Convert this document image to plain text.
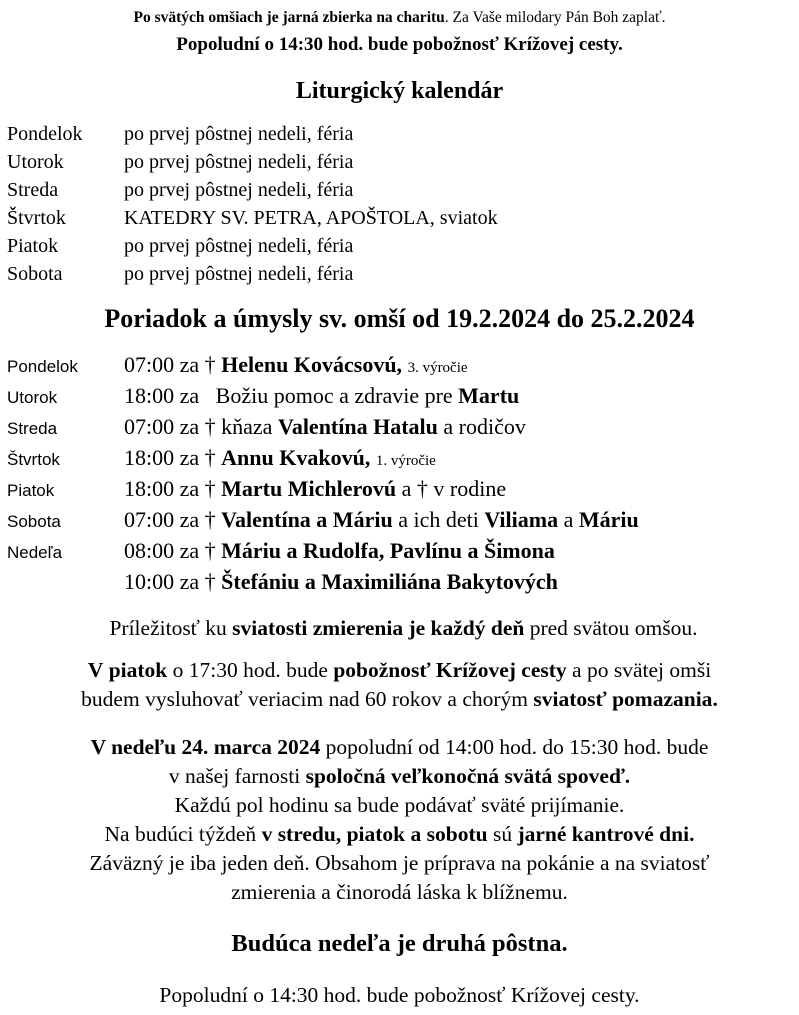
Po svätých omšiach je jarná zbierka na charitu. Za Vaše milodary Pán Boh zaplať.
Popoludní o 14:30 hod. bude pobožnosť Krížovej cesty.
Liturgický kalendár
Pondelok po prvej pôstnej nedeli, féria
Utorok	po prvej pôstnej nedeli, féria
Streda	po prvej pôstnej nedeli, féria
Štvrtok	KATEDRY SV. PETRA, APOŠTOLA, sviatok
Piatok	po prvej pôstnej nedeli, féria
Sobota	po prvej pôstnej nedeli, féria
Poriadok a úmysly sv. omší od 19.2.2024 do 25.2.2024
Pondelok 07:00 za † Helenu Kovácsovú, 3. výročie
Utorok	18:00 za Božiu pomoc a zdravie pre Martu
Streda	07:00 za † kňaza Valentína Hatalu a rodičov
Štvrtok	18:00 za † Annu Kvakovú, 1. výročie
Piatok	18:00 za † Martu Michlerovú a † v rodine
Sobota	07:00 za † Valentína a Máriu a ich deti Viliama a Máriu
Nedeľa	08:00 za † Máriu a Rudolfa, Pavlínu a Šimona
10:00 za † Štefániu a Maximiliána Bakytových
Príležitosť ku sviatosti zmierenia je každý deň pred svätou omšou.
V piatok o 17:30 hod. bude pobožnosť Krížovej cesty a po svätej omši
budem vysluhovať veriacim nad 60 rokov a chorým sviatosť pomazania.
V nedeľu 24. marca 2024 popoludní od 14:00 hod. do 15:30 hod. bude
v našej farnosti spoločná veľkonočná svätá spoveď.
Každú pol hodinu sa bude podávať sväté prijímanie.
Na budúci týždeň v stredu, piatok a sobotu sú jarné kantrové dni.
Záväzný je iba jeden deň. Obsahom je príprava na pokánie a na sviatosť
zmierenia a činorodá láska k blížnemu.
Budúca nedeľa je druhá pôstna.
Popoludní o 14:30 hod. bude pobožnosť Krížovej cesty.
